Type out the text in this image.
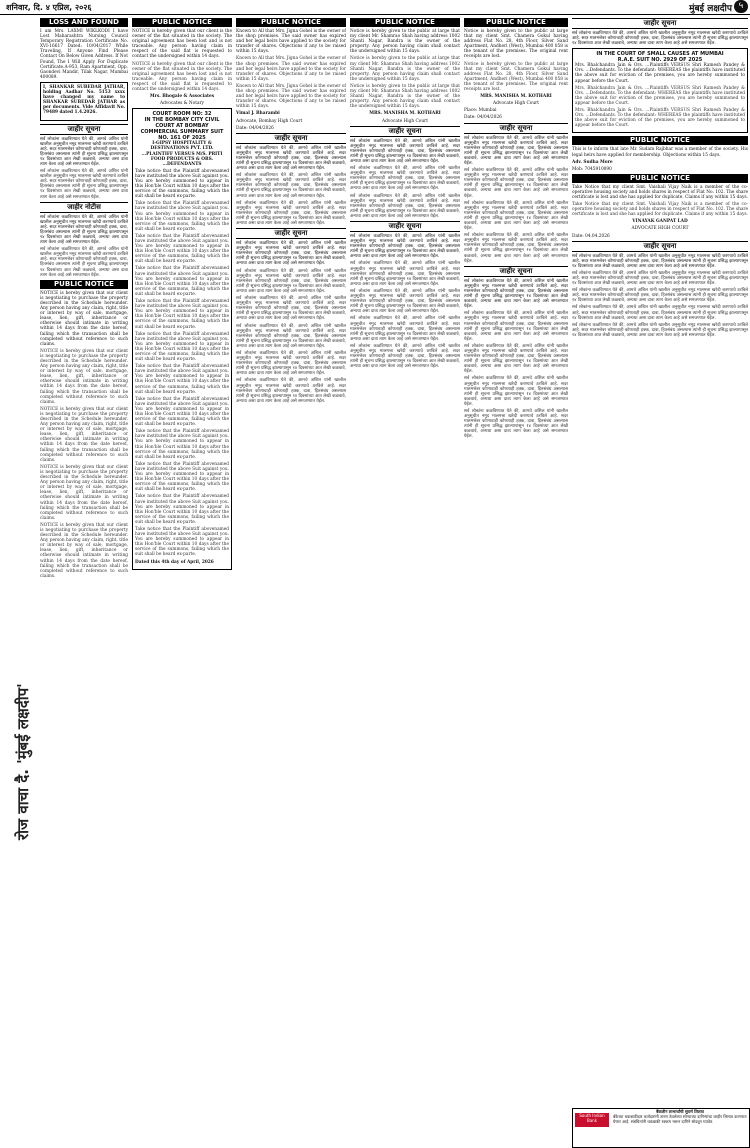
शनिवार, दि. ४ एप्रिल, २०२६	मुंबई लक्षदीप ५
रोज वाचा दै. 'मुंबई लक्षदीप'
LOSS AND FOUND

I am Mrs. LAXMI WIKLKODI I have Lost Maharashtra Nursing Council Temporary Registration Certificate No. XVI-16617 Dated: 10/04/2017 While Traveling, If Anyone Find Please Contact On Below Given Address. If Not Found, The I Will Apply For Duplicate Certificate.A-953, Ram Apartment, Opp. Gaondevi Mandir, Tilak Nagar, Mumbai 400089.

I, SHANKAR SUBEDAR JATHAR, holding Aadhar No. 5153 xxxx have changed my name to SHANKAR SUBEDAR JATHAR as per documents. Vide Affidavit No. 79489 dated 1.4.2026.

जाहीर सूचना

सर्व लोकांना कळविण्यात येते की, आमचे अशिल यांनी खालील अनुसूचीत नमूद मालमत्ता खरेदी करण्याचे ठरविले आहे. सदर मालमत्तेवर कोणाचाही कोणताही हक्क, दावा, हितसंबंध असल्यास त्यांनी ही सूचना प्रसिद्ध झाल्यापासून १४ दिवसांच्या आत लेखी कळवावे, अन्यथा असा दावा त्याग केला आहे असे समजण्यात येईल.

सर्व लोकांना कळविण्यात येते की, आमचे अशिल यांनी खालील अनुसूचीत नमूद मालमत्ता खरेदी करण्याचे ठरविले आहे. सदर मालमत्तेवर कोणाचाही कोणताही हक्क, दावा, हितसंबंध असल्यास त्यांनी ही सूचना प्रसिद्ध झाल्यापासून १४ दिवसांच्या आत लेखी कळवावे, अन्यथा असा दावा त्याग केला आहे असे समजण्यात येईल.

जाहीर नोटीस

सर्व लोकांना कळविण्यात येते की, आमचे अशिल यांनी खालील अनुसूचीत नमूद मालमत्ता खरेदी करण्याचे ठरविले आहे. सदर मालमत्तेवर कोणाचाही कोणताही हक्क, दावा, हितसंबंध असल्यास त्यांनी ही सूचना प्रसिद्ध झाल्यापासून १४ दिवसांच्या आत लेखी कळवावे, अन्यथा असा दावा त्याग केला आहे असे समजण्यात येईल.

सर्व लोकांना कळविण्यात येते की, आमचे अशिल यांनी खालील अनुसूचीत नमूद मालमत्ता खरेदी करण्याचे ठरविले आहे. सदर मालमत्तेवर कोणाचाही कोणताही हक्क, दावा, हितसंबंध असल्यास त्यांनी ही सूचना प्रसिद्ध झाल्यापासून १४ दिवसांच्या आत लेखी कळवावे, अन्यथा असा दावा त्याग केला आहे असे समजण्यात येईल.

PUBLIC NOTICE

NOTICE is hereby given that our client is negotiating to purchase the property described in the Schedule hereunder. Any person having any claim, right, title or interest by way of sale, mortgage, lease, lien, gift, inheritance or otherwise should intimate in writing within 14 days from the date hereof, failing which the transaction shall be completed without reference to such claims.

NOTICE is hereby given that our client is negotiating to purchase the property described in the Schedule hereunder. Any person having any claim, right, title or interest by way of sale, mortgage, lease, lien, gift, inheritance or otherwise should intimate in writing within 14 days from the date hereof, failing which the transaction shall be completed without reference to such claims.

NOTICE is hereby given that our client is negotiating to purchase the property described in the Schedule hereunder. Any person having any claim, right, title or interest by way of sale, mortgage, lease, lien, gift, inheritance or otherwise should intimate in writing within 14 days from the date hereof, failing which the transaction shall be completed without reference to such claims.

NOTICE is hereby given that our client is negotiating to purchase the property described in the Schedule hereunder. Any person having any claim, right, title or interest by way of sale, mortgage, lease, lien, gift, inheritance or otherwise should intimate in writing within 14 days from the date hereof, failing which the transaction shall be completed without reference to such claims.

NOTICE is hereby given that our client is negotiating to purchase the property described in the Schedule hereunder. Any person having any claim, right, title or interest by way of sale, mortgage, lease, lien, gift, inheritance or otherwise should intimate in writing within 14 days from the date hereof, failing which the transaction shall be completed without reference to such claims.

PUBLIC NOTICE

NOTICE is hereby given that our client is the owner of the flat situated in the society. The original agreement has been lost and is not traceable. Any person having claim in respect of the said flat is requested to contact the undersigned within 14 days.

NOTICE is hereby given that our client is the owner of the flat situated in the society. The original agreement has been lost and is not traceable. Any person having claim in respect of the said flat is requested to contact the undersigned within 14 days.

Mrs. Bhogale & Associates

Advocates & Notary

COURT ROOM NO: 32
IN THE BOMBAY CITY CIVIL COURT AT BOMBAY
COMMERCIAL SUMMARY SUIT NO. 161 OF 2025

I-GIPSY HOSPITALITY & DESTINATIONS PVT. LTD. ...PLAINTIFF VERSUS M/S. PRITI FOOD PRODUCTS & ORS. ...DEFENDANTS

Take notice that the Plaintiff abovenamed have instituted the above Suit against you. You are hereby summoned to appear in this Hon'ble Court within 10 days after the service of the summons, failing which the suit shall be heard ex-parte.

Take notice that the Plaintiff abovenamed have instituted the above Suit against you. You are hereby summoned to appear in this Hon'ble Court within 10 days after the service of the summons, failing which the suit shall be heard ex-parte.

Take notice that the Plaintiff abovenamed have instituted the above Suit against you. You are hereby summoned to appear in this Hon'ble Court within 10 days after the service of the summons, failing which the suit shall be heard ex-parte.

Take notice that the Plaintiff abovenamed have instituted the above Suit against you. You are hereby summoned to appear in this Hon'ble Court within 10 days after the service of the summons, failing which the suit shall be heard ex-parte.

Take notice that the Plaintiff abovenamed have instituted the above Suit against you. You are hereby summoned to appear in this Hon'ble Court within 10 days after the service of the summons, failing which the suit shall be heard ex-parte.

Take notice that the Plaintiff abovenamed have instituted the above Suit against you. You are hereby summoned to appear in this Hon'ble Court within 10 days after the service of the summons, failing which the suit shall be heard ex-parte.

Take notice that the Plaintiff abovenamed have instituted the above Suit against you. You are hereby summoned to appear in this Hon'ble Court within 10 days after the service of the summons, failing which the suit shall be heard ex-parte.

Take notice that the Plaintiff abovenamed have instituted the above Suit against you. You are hereby summoned to appear in this Hon'ble Court within 10 days after the service of the summons, failing which the suit shall be heard ex-parte.

Take notice that the Plaintiff abovenamed have instituted the above Suit against you. You are hereby summoned to appear in this Hon'ble Court within 10 days after the service of the summons, failing which the suit shall be heard ex-parte.

Take notice that the Plaintiff abovenamed have instituted the above Suit against you. You are hereby summoned to appear in this Hon'ble Court within 10 days after the service of the summons, failing which the suit shall be heard ex-parte.

Take notice that the Plaintiff abovenamed have instituted the above Suit against you. You are hereby summoned to appear in this Hon'ble Court within 10 days after the service of the summons, failing which the suit shall be heard ex-parte.

Take notice that the Plaintiff abovenamed have instituted the above Suit against you. You are hereby summoned to appear in this Hon'ble Court within 10 days after the service of the summons, failing which the suit shall be heard ex-parte.

Dated this 4th day of April, 2026

PUBLIC NOTICE

Known to All that Mrs. Jigna Gohel is the owner of the shop premises. The said owner has expired and her legal heirs have applied to the society for transfer of shares. Objections if any to be raised within 15 days.

Known to All that Mrs. Jigna Gohel is the owner of the shop premises. The said owner has expired and her legal heirs have applied to the society for transfer of shares. Objections if any to be raised within 15 days.

Known to All that Mrs. Jigna Gohel is the owner of the shop premises. The said owner has expired and her legal heirs have applied to the society for transfer of shares. Objections if any to be raised within 15 days.

Vimal J. Bharambi

Advocate, Bombay High Court

Date: 04/04/2026

जाहीर सूचना

सर्व लोकांना कळविण्यात येते की, आमचे अशिल यांनी खालील अनुसूचीत नमूद मालमत्ता खरेदी करण्याचे ठरविले आहे. सदर मालमत्तेवर कोणाचाही कोणताही हक्क, दावा, हितसंबंध असल्यास त्यांनी ही सूचना प्रसिद्ध झाल्यापासून १४ दिवसांच्या आत लेखी कळवावे, अन्यथा असा दावा त्याग केला आहे असे समजण्यात येईल.

सर्व लोकांना कळविण्यात येते की, आमचे अशिल यांनी खालील अनुसूचीत नमूद मालमत्ता खरेदी करण्याचे ठरविले आहे. सदर मालमत्तेवर कोणाचाही कोणताही हक्क, दावा, हितसंबंध असल्यास त्यांनी ही सूचना प्रसिद्ध झाल्यापासून १४ दिवसांच्या आत लेखी कळवावे, अन्यथा असा दावा त्याग केला आहे असे समजण्यात येईल.

सर्व लोकांना कळविण्यात येते की, आमचे अशिल यांनी खालील अनुसूचीत नमूद मालमत्ता खरेदी करण्याचे ठरविले आहे. सदर मालमत्तेवर कोणाचाही कोणताही हक्क, दावा, हितसंबंध असल्यास त्यांनी ही सूचना प्रसिद्ध झाल्यापासून १४ दिवसांच्या आत लेखी कळवावे, अन्यथा असा दावा त्याग केला आहे असे समजण्यात येईल.

जाहीर सूचना

सर्व लोकांना कळविण्यात येते की, आमचे अशिल यांनी खालील अनुसूचीत नमूद मालमत्ता खरेदी करण्याचे ठरविले आहे. सदर मालमत्तेवर कोणाचाही कोणताही हक्क, दावा, हितसंबंध असल्यास त्यांनी ही सूचना प्रसिद्ध झाल्यापासून १४ दिवसांच्या आत लेखी कळवावे, अन्यथा असा दावा त्याग केला आहे असे समजण्यात येईल.

सर्व लोकांना कळविण्यात येते की, आमचे अशिल यांनी खालील अनुसूचीत नमूद मालमत्ता खरेदी करण्याचे ठरविले आहे. सदर मालमत्तेवर कोणाचाही कोणताही हक्क, दावा, हितसंबंध असल्यास त्यांनी ही सूचना प्रसिद्ध झाल्यापासून १४ दिवसांच्या आत लेखी कळवावे, अन्यथा असा दावा त्याग केला आहे असे समजण्यात येईल.

सर्व लोकांना कळविण्यात येते की, आमचे अशिल यांनी खालील अनुसूचीत नमूद मालमत्ता खरेदी करण्याचे ठरविले आहे. सदर मालमत्तेवर कोणाचाही कोणताही हक्क, दावा, हितसंबंध असल्यास त्यांनी ही सूचना प्रसिद्ध झाल्यापासून १४ दिवसांच्या आत लेखी कळवावे, अन्यथा असा दावा त्याग केला आहे असे समजण्यात येईल.

सर्व लोकांना कळविण्यात येते की, आमचे अशिल यांनी खालील अनुसूचीत नमूद मालमत्ता खरेदी करण्याचे ठरविले आहे. सदर मालमत्तेवर कोणाचाही कोणताही हक्क, दावा, हितसंबंध असल्यास त्यांनी ही सूचना प्रसिद्ध झाल्यापासून १४ दिवसांच्या आत लेखी कळवावे, अन्यथा असा दावा त्याग केला आहे असे समजण्यात येईल.

सर्व लोकांना कळविण्यात येते की, आमचे अशिल यांनी खालील अनुसूचीत नमूद मालमत्ता खरेदी करण्याचे ठरविले आहे. सदर मालमत्तेवर कोणाचाही कोणताही हक्क, दावा, हितसंबंध असल्यास त्यांनी ही सूचना प्रसिद्ध झाल्यापासून १४ दिवसांच्या आत लेखी कळवावे, अन्यथा असा दावा त्याग केला आहे असे समजण्यात येईल.

सर्व लोकांना कळविण्यात येते की, आमचे अशिल यांनी खालील अनुसूचीत नमूद मालमत्ता खरेदी करण्याचे ठरविले आहे. सदर मालमत्तेवर कोणाचाही कोणताही हक्क, दावा, हितसंबंध असल्यास त्यांनी ही सूचना प्रसिद्ध झाल्यापासून १४ दिवसांच्या आत लेखी कळवावे, अन्यथा असा दावा त्याग केला आहे असे समजण्यात येईल.

PUBLIC NOTICE

Notice is hereby given to the public at large that my client Mr. Shamrao Shah having address 1002 Shanti Nagar, Bandra is the owner of the property. Any person having claim shall contact the undersigned within 15 days.

Notice is hereby given to the public at large that my client Mr. Shamrao Shah having address 1002 Shanti Nagar, Bandra is the owner of the property. Any person having claim shall contact the undersigned within 15 days.

Notice is hereby given to the public at large that my client Mr. Shamrao Shah having address 1002 Shanti Nagar, Bandra is the owner of the property. Any person having claim shall contact the undersigned within 15 days.

MRS. MANISHA M. KOTHARI

Advocate High Court

जाहीर सूचना

सर्व लोकांना कळविण्यात येते की, आमचे अशिल यांनी खालील अनुसूचीत नमूद मालमत्ता खरेदी करण्याचे ठरविले आहे. सदर मालमत्तेवर कोणाचाही कोणताही हक्क, दावा, हितसंबंध असल्यास त्यांनी ही सूचना प्रसिद्ध झाल्यापासून १४ दिवसांच्या आत लेखी कळवावे, अन्यथा असा दावा त्याग केला आहे असे समजण्यात येईल.

सर्व लोकांना कळविण्यात येते की, आमचे अशिल यांनी खालील अनुसूचीत नमूद मालमत्ता खरेदी करण्याचे ठरविले आहे. सदर मालमत्तेवर कोणाचाही कोणताही हक्क, दावा, हितसंबंध असल्यास त्यांनी ही सूचना प्रसिद्ध झाल्यापासून १४ दिवसांच्या आत लेखी कळवावे, अन्यथा असा दावा त्याग केला आहे असे समजण्यात येईल.

सर्व लोकांना कळविण्यात येते की, आमचे अशिल यांनी खालील अनुसूचीत नमूद मालमत्ता खरेदी करण्याचे ठरविले आहे. सदर मालमत्तेवर कोणाचाही कोणताही हक्क, दावा, हितसंबंध असल्यास त्यांनी ही सूचना प्रसिद्ध झाल्यापासून १४ दिवसांच्या आत लेखी कळवावे, अन्यथा असा दावा त्याग केला आहे असे समजण्यात येईल.

जाहीर सूचना

सर्व लोकांना कळविण्यात येते की, आमचे अशिल यांनी खालील अनुसूचीत नमूद मालमत्ता खरेदी करण्याचे ठरविले आहे. सदर मालमत्तेवर कोणाचाही कोणताही हक्क, दावा, हितसंबंध असल्यास त्यांनी ही सूचना प्रसिद्ध झाल्यापासून १४ दिवसांच्या आत लेखी कळवावे, अन्यथा असा दावा त्याग केला आहे असे समजण्यात येईल.

सर्व लोकांना कळविण्यात येते की, आमचे अशिल यांनी खालील अनुसूचीत नमूद मालमत्ता खरेदी करण्याचे ठरविले आहे. सदर मालमत्तेवर कोणाचाही कोणताही हक्क, दावा, हितसंबंध असल्यास त्यांनी ही सूचना प्रसिद्ध झाल्यापासून १४ दिवसांच्या आत लेखी कळवावे, अन्यथा असा दावा त्याग केला आहे असे समजण्यात येईल.

सर्व लोकांना कळविण्यात येते की, आमचे अशिल यांनी खालील अनुसूचीत नमूद मालमत्ता खरेदी करण्याचे ठरविले आहे. सदर मालमत्तेवर कोणाचाही कोणताही हक्क, दावा, हितसंबंध असल्यास त्यांनी ही सूचना प्रसिद्ध झाल्यापासून १४ दिवसांच्या आत लेखी कळवावे, अन्यथा असा दावा त्याग केला आहे असे समजण्यात येईल.

सर्व लोकांना कळविण्यात येते की, आमचे अशिल यांनी खालील अनुसूचीत नमूद मालमत्ता खरेदी करण्याचे ठरविले आहे. सदर मालमत्तेवर कोणाचाही कोणताही हक्क, दावा, हितसंबंध असल्यास त्यांनी ही सूचना प्रसिद्ध झाल्यापासून १४ दिवसांच्या आत लेखी कळवावे, अन्यथा असा दावा त्याग केला आहे असे समजण्यात येईल.

सर्व लोकांना कळविण्यात येते की, आमचे अशिल यांनी खालील अनुसूचीत नमूद मालमत्ता खरेदी करण्याचे ठरविले आहे. सदर मालमत्तेवर कोणाचाही कोणताही हक्क, दावा, हितसंबंध असल्यास त्यांनी ही सूचना प्रसिद्ध झाल्यापासून १४ दिवसांच्या आत लेखी कळवावे, अन्यथा असा दावा त्याग केला आहे असे समजण्यात येईल.

PUBLIC NOTICE

Notice is hereby given to the public at large that my client Smt. Chamera Gokul having address Flat No. 28, 4th Floor, Silver Sand Apartment, Andheri (West), Mumbai 400 058 is the tenant of the premises. The original rent receipts are lost.

Notice is hereby given to the public at large that my client Smt. Chamera Gokul having address Flat No. 28, 4th Floor, Silver Sand Apartment, Andheri (West), Mumbai 400 058 is the tenant of the premises. The original rent receipts are lost.

MRS. MANISHA M. KOTHARI

Advocate High Court

Place: Mumbai

Date: 04/04/2026

जाहीर सूचना

सर्व लोकांना कळविण्यात येते की, आमचे अशिल यांनी खालील अनुसूचीत नमूद मालमत्ता खरेदी करण्याचे ठरविले आहे. सदर मालमत्तेवर कोणाचाही कोणताही हक्क, दावा, हितसंबंध असल्यास त्यांनी ही सूचना प्रसिद्ध झाल्यापासून १४ दिवसांच्या आत लेखी कळवावे, अन्यथा असा दावा त्याग केला आहे असे समजण्यात येईल.

सर्व लोकांना कळविण्यात येते की, आमचे अशिल यांनी खालील अनुसूचीत नमूद मालमत्ता खरेदी करण्याचे ठरविले आहे. सदर मालमत्तेवर कोणाचाही कोणताही हक्क, दावा, हितसंबंध असल्यास त्यांनी ही सूचना प्रसिद्ध झाल्यापासून १४ दिवसांच्या आत लेखी कळवावे, अन्यथा असा दावा त्याग केला आहे असे समजण्यात येईल.

सर्व लोकांना कळविण्यात येते की, आमचे अशिल यांनी खालील अनुसूचीत नमूद मालमत्ता खरेदी करण्याचे ठरविले आहे. सदर मालमत्तेवर कोणाचाही कोणताही हक्क, दावा, हितसंबंध असल्यास त्यांनी ही सूचना प्रसिद्ध झाल्यापासून १४ दिवसांच्या आत लेखी कळवावे, अन्यथा असा दावा त्याग केला आहे असे समजण्यात येईल.

सर्व लोकांना कळविण्यात येते की, आमचे अशिल यांनी खालील अनुसूचीत नमूद मालमत्ता खरेदी करण्याचे ठरविले आहे. सदर मालमत्तेवर कोणाचाही कोणताही हक्क, दावा, हितसंबंध असल्यास त्यांनी ही सूचना प्रसिद्ध झाल्यापासून १४ दिवसांच्या आत लेखी कळवावे, अन्यथा असा दावा त्याग केला आहे असे समजण्यात येईल.

जाहीर सूचना

सर्व लोकांना कळविण्यात येते की, आमचे अशिल यांनी खालील अनुसूचीत नमूद मालमत्ता खरेदी करण्याचे ठरविले आहे. सदर मालमत्तेवर कोणाचाही कोणताही हक्क, दावा, हितसंबंध असल्यास त्यांनी ही सूचना प्रसिद्ध झाल्यापासून १४ दिवसांच्या आत लेखी कळवावे, अन्यथा असा दावा त्याग केला आहे असे समजण्यात येईल.

सर्व लोकांना कळविण्यात येते की, आमचे अशिल यांनी खालील अनुसूचीत नमूद मालमत्ता खरेदी करण्याचे ठरविले आहे. सदर मालमत्तेवर कोणाचाही कोणताही हक्क, दावा, हितसंबंध असल्यास त्यांनी ही सूचना प्रसिद्ध झाल्यापासून १४ दिवसांच्या आत लेखी कळवावे, अन्यथा असा दावा त्याग केला आहे असे समजण्यात येईल.

सर्व लोकांना कळविण्यात येते की, आमचे अशिल यांनी खालील अनुसूचीत नमूद मालमत्ता खरेदी करण्याचे ठरविले आहे. सदर मालमत्तेवर कोणाचाही कोणताही हक्क, दावा, हितसंबंध असल्यास त्यांनी ही सूचना प्रसिद्ध झाल्यापासून १४ दिवसांच्या आत लेखी कळवावे, अन्यथा असा दावा त्याग केला आहे असे समजण्यात येईल.

सर्व लोकांना कळविण्यात येते की, आमचे अशिल यांनी खालील अनुसूचीत नमूद मालमत्ता खरेदी करण्याचे ठरविले आहे. सदर मालमत्तेवर कोणाचाही कोणताही हक्क, दावा, हितसंबंध असल्यास त्यांनी ही सूचना प्रसिद्ध झाल्यापासून १४ दिवसांच्या आत लेखी कळवावे, अन्यथा असा दावा त्याग केला आहे असे समजण्यात येईल.

सर्व लोकांना कळविण्यात येते की, आमचे अशिल यांनी खालील अनुसूचीत नमूद मालमत्ता खरेदी करण्याचे ठरविले आहे. सदर मालमत्तेवर कोणाचाही कोणताही हक्क, दावा, हितसंबंध असल्यास त्यांनी ही सूचना प्रसिद्ध झाल्यापासून १४ दिवसांच्या आत लेखी कळवावे, अन्यथा असा दावा त्याग केला आहे असे समजण्यात येईल.

जाहीर सूचना

सर्व लोकांना कळविण्यात येते की, आमचे अशिल यांनी खालील अनुसूचीत नमूद मालमत्ता खरेदी करण्याचे ठरविले आहे. सदर मालमत्तेवर कोणाचाही कोणताही हक्क, दावा, हितसंबंध असल्यास त्यांनी ही सूचना प्रसिद्ध झाल्यापासून १४ दिवसांच्या आत लेखी कळवावे, अन्यथा असा दावा त्याग केला आहे असे समजण्यात येईल.

IN THE COURT OF SMALL CAUSES AT MUMBAI
R.A.E. SUIT NO. 2929 OF 2025

Mrs. Bhalchandra Jain & Ors. ...Plaintiffs VERSUS Shri Ramesh Pandey & Ors. ...Defendants. To the defendant: WHEREAS the plaintiffs have instituted the above suit for eviction of the premises, you are hereby summoned to appear before the Court.

Mrs. Bhalchandra Jain & Ors. ...Plaintiffs VERSUS Shri Ramesh Pandey & Ors. ...Defendants. To the defendant: WHEREAS the plaintiffs have instituted the above suit for eviction of the premises, you are hereby summoned to appear before the Court.

Mrs. Bhalchandra Jain & Ors. ...Plaintiffs VERSUS Shri Ramesh Pandey & Ors. ...Defendants. To the defendant: WHEREAS the plaintiffs have instituted the above suit for eviction of the premises, you are hereby summoned to appear before the Court.

PUBLIC NOTICE

This is to inform that late Mr. Sudam Rajbhar was a member of the society. His legal heirs have applied for membership. Objections within 15 days.

Adv. Sudha More

Mob: 7045910090

PUBLIC NOTICE

Take Notice that my client Smt. Vaishali Vijay Naik is a member of the co-operative housing society and holds shares in respect of Flat No. 102. The share certificate is lost and she has applied for duplicate. Claims if any within 15 days.

Take Notice that my client Smt. Vaishali Vijay Naik is a member of the co-operative housing society and holds shares in respect of Flat No. 102. The share certificate is lost and she has applied for duplicate. Claims if any within 15 days.

VINAYAK GANPAT LAD

ADVOCATE HIGH COURT

Date: 04.04.2026

जाहीर सूचना

सर्व लोकांना कळविण्यात येते की, आमचे अशिल यांनी खालील अनुसूचीत नमूद मालमत्ता खरेदी करण्याचे ठरविले आहे. सदर मालमत्तेवर कोणाचाही कोणताही हक्क, दावा, हितसंबंध असल्यास त्यांनी ही सूचना प्रसिद्ध झाल्यापासून १४ दिवसांच्या आत लेखी कळवावे, अन्यथा असा दावा त्याग केला आहे असे समजण्यात येईल.

सर्व लोकांना कळविण्यात येते की, आमचे अशिल यांनी खालील अनुसूचीत नमूद मालमत्ता खरेदी करण्याचे ठरविले आहे. सदर मालमत्तेवर कोणाचाही कोणताही हक्क, दावा, हितसंबंध असल्यास त्यांनी ही सूचना प्रसिद्ध झाल्यापासून १४ दिवसांच्या आत लेखी कळवावे, अन्यथा असा दावा त्याग केला आहे असे समजण्यात येईल.

सर्व लोकांना कळविण्यात येते की, आमचे अशिल यांनी खालील अनुसूचीत नमूद मालमत्ता खरेदी करण्याचे ठरविले आहे. सदर मालमत्तेवर कोणाचाही कोणताही हक्क, दावा, हितसंबंध असल्यास त्यांनी ही सूचना प्रसिद्ध झाल्यापासून १४ दिवसांच्या आत लेखी कळवावे, अन्यथा असा दावा त्याग केला आहे असे समजण्यात येईल.

सर्व लोकांना कळविण्यात येते की, आमचे अशिल यांनी खालील अनुसूचीत नमूद मालमत्ता खरेदी करण्याचे ठरविले आहे. सदर मालमत्तेवर कोणाचाही कोणताही हक्क, दावा, हितसंबंध असल्यास त्यांनी ही सूचना प्रसिद्ध झाल्यापासून १४ दिवसांच्या आत लेखी कळवावे, अन्यथा असा दावा त्याग केला आहे असे समजण्यात येईल.

सर्व लोकांना कळविण्यात येते की, आमचे अशिल यांनी खालील अनुसूचीत नमूद मालमत्ता खरेदी करण्याचे ठरविले आहे. सदर मालमत्तेवर कोणाचाही कोणताही हक्क, दावा, हितसंबंध असल्यास त्यांनी ही सूचना प्रसिद्ध झाल्यापासून १४ दिवसांच्या आत लेखी कळवावे, अन्यथा असा दावा त्याग केला आहे असे समजण्यात येईल.

South Indian Bank
बैंकलीन लाभार्थांची सुवर्ण लिलाव
बँकेच्या थकबाकीदार कर्जदारांनी तारण ठेवलेल्या सोन्याच्या दागिन्यांचा जाहीर लिलाव करण्यात येणार आहे. संबंधितांनी थकबाकी रक्कम भरून दागिने सोडवून घ्यावेत.
